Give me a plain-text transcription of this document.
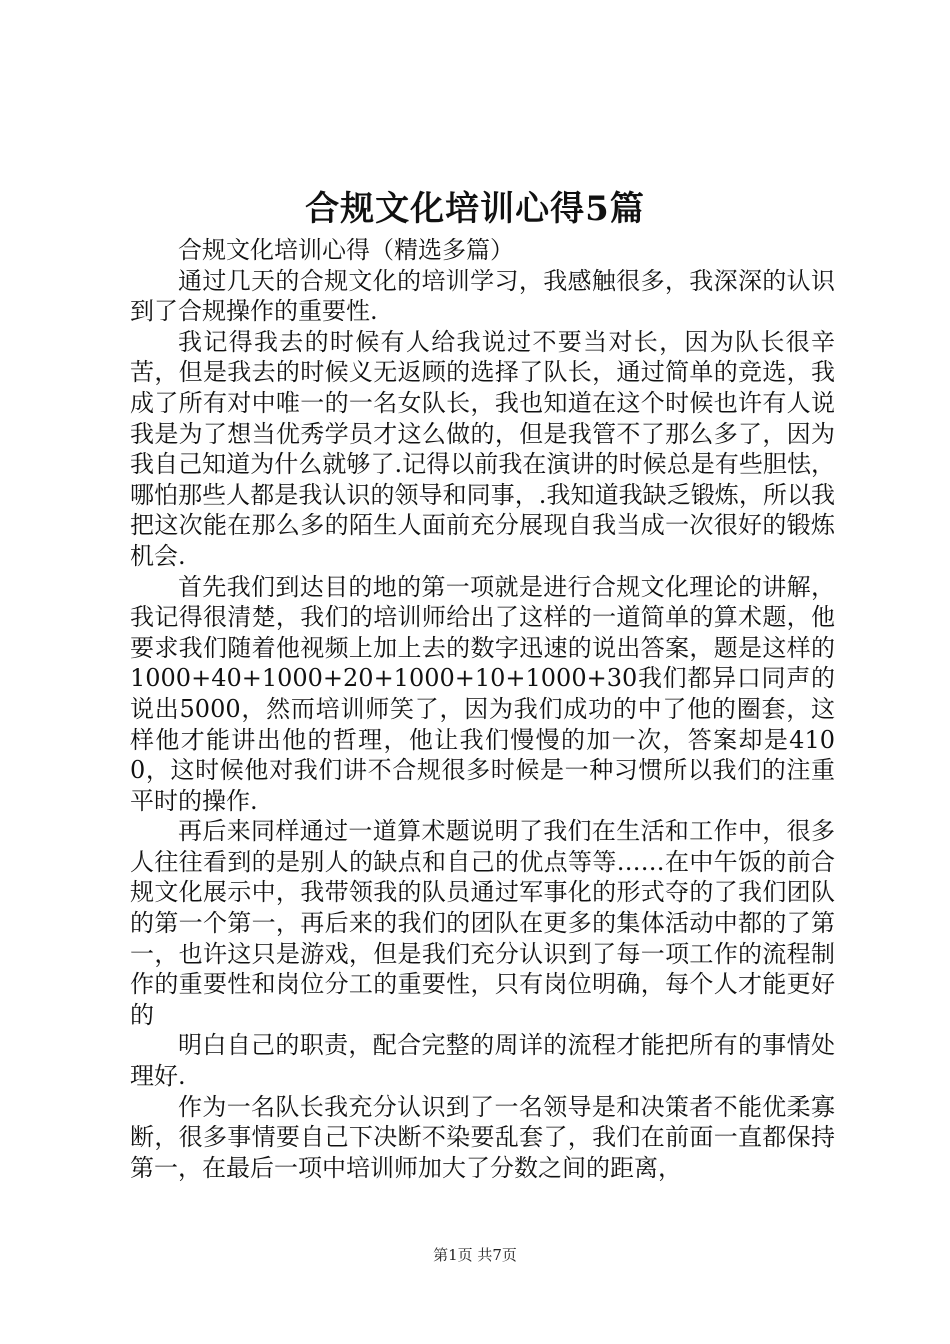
合规文化培训心得5篇

合规文化培训心得（精选多篇）

通过几天的合规文化的培训学习，我感触很多，我深深的认识到了合规操作的重要性.

我记得我去的时候有人给我说过不要当对长，因为队长很辛苦，但是我去的时候义无返顾的选择了队长，通过简单的竞选，我成了所有对中唯一的一名女队长，我也知道在这个时候也许有人说我是为了想当优秀学员才这么做的，但是我管不了那么多了，因为我自己知道为什么就够了.记得以前我在演讲的时候总是有些胆怯，哪怕那些人都是我认识的领导和同事，.我知道我缺乏锻炼，所以我把这次能在那么多的陌生人面前充分展现自我当成一次很好的锻炼机会.

首先我们到达目的地的第一项就是进行合规文化理论的讲解，我记得很清楚，我们的培训师给出了这样的一道简单的算术题，他要求我们随着他视频上加上去的数字迅速的说出答案，题是这样的1000+40+1000+20+1000+10+1000+30我们都异口同声的说出5000，然而培训师笑了，因为我们成功的中了他的圈套，这样他才能讲出他的哲理，他让我们慢慢的加一次，答案却是4100，这时候他对我们讲不合规很多时候是一种习惯所以我们的注重平时的操作.

再后来同样通过一道算术题说明了我们在生活和工作中，很多人往往看到的是别人的缺点和自己的优点等等……在中午饭的前合规文化展示中，我带领我的队员通过军事化的形式夺的了我们团队的第一个第一，再后来的我们的团队在更多的集体活动中都的了第一，也许这只是游戏，但是我们充分认识到了每一项工作的流程制作的重要性和岗位分工的重要性，只有岗位明确，每个人才能更好的

明白自己的职责，配合完整的周详的流程才能把所有的事情处理好.

作为一名队长我充分认识到了一名领导是和决策者不能优柔寡断，很多事情要自己下决断不染要乱套了，我们在前面一直都保持第一，在最后一项中培训师加大了分数之间的距离，

第1页 共7页
